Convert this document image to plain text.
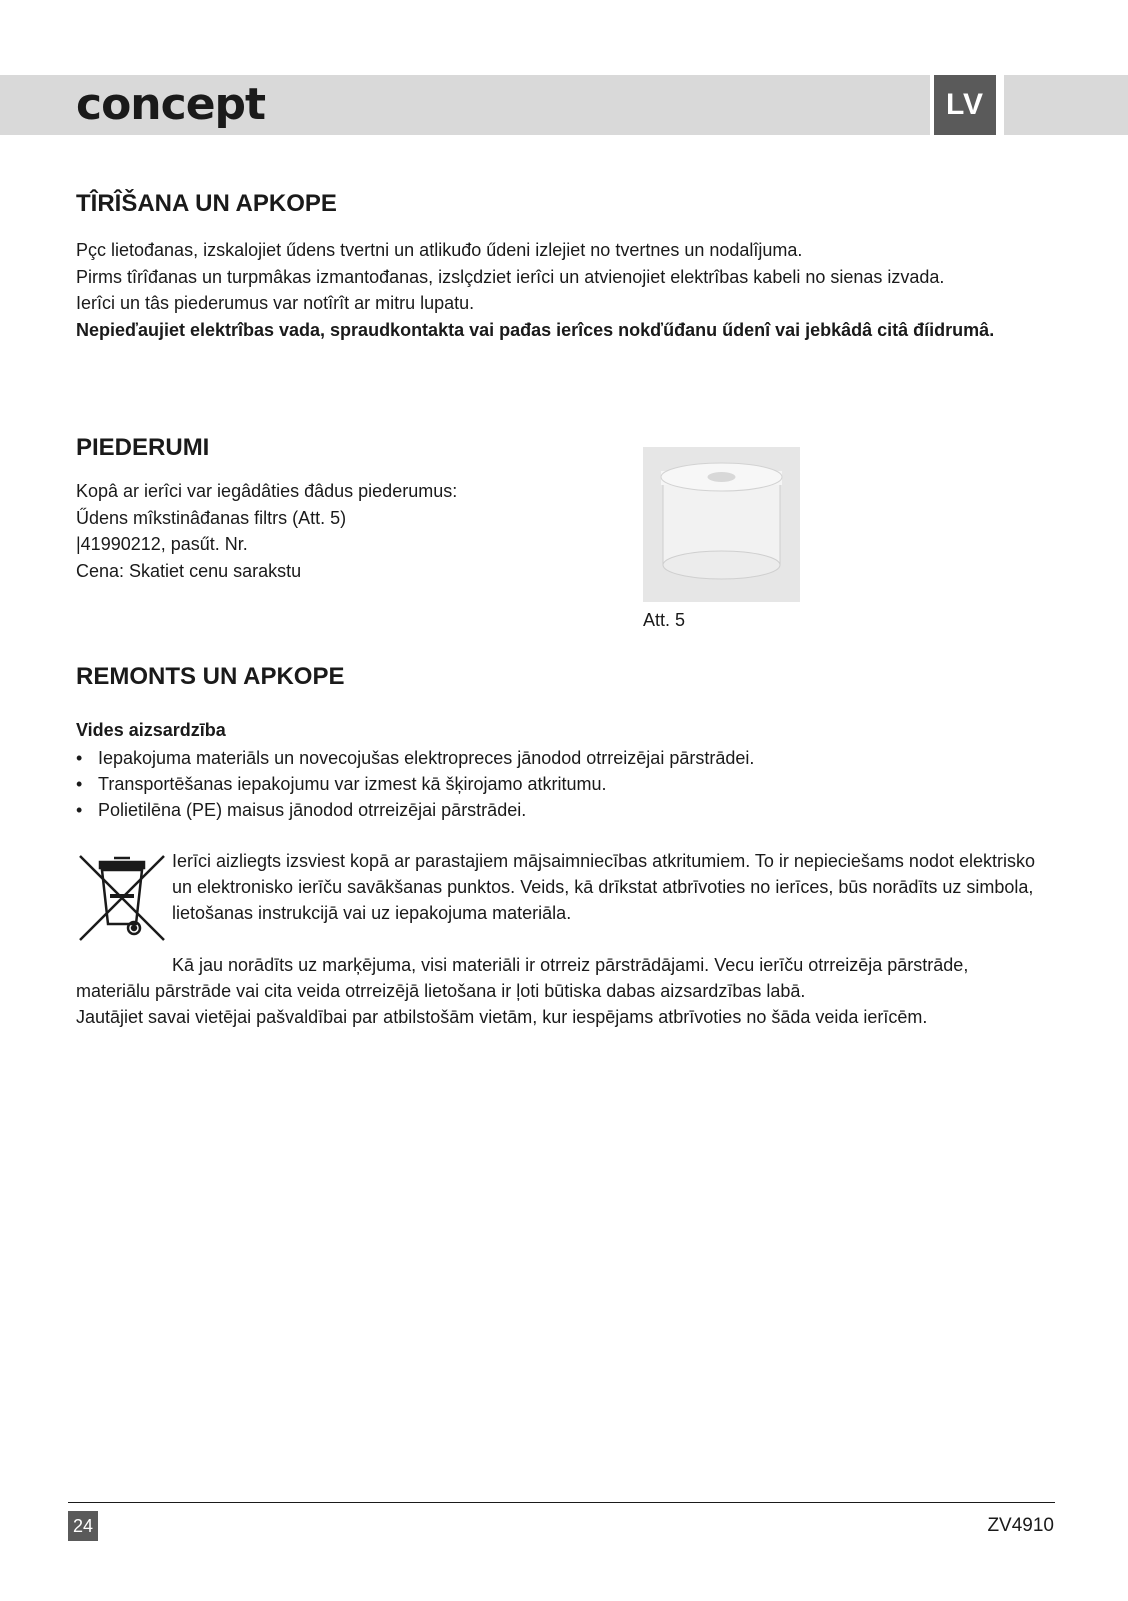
concept	LV
TÎRÎŠANA UN APKOPE

Pçc lietođanas, izskalojiet űdens tvertni un atlikuđo űdeni izlejiet no tvertnes un nodalîjuma.

Pirms tîrîđanas un turpmâkas izmantođanas, izslçdziet ierîci un atvienojiet elektrîbas kabeli no sienas izvada.

Ierîci un tâs piederumus var notîrît ar mitru lupatu.

Nepieďaujiet elektrîbas vada, spraudkontakta vai pađas ierîces nokďűđanu űdenî vai jebkâdâ citâ đíidrumâ.

PIEDERUMI
Kopâ ar ierîci var iegâdâties đâdus piederumus:
Űdens mîkstinâđanas filtrs (Att. 5)
|41990212, pasűt. Nr.
Cena: Skatiet cenu sarakstu
Att. 5
REMONTS UN APKOPE
Vides aizsardzība
• Iepakojuma materiāls un novecojušas elektropreces jānodod otrreizējai pārstrādei.
• Transportēšanas iepakojumu var izmest kā šķirojamo atkritumu.
• Polietilēna (PE) maisus jānodod otrreizējai pārstrādei.
Ierīci aizliegts izsviest kopā ar parastajiem mājsaimniecības atkritumiem. To ir nepieciešams nodot elektrisko un elektronisko ierīču savākšanas punktos. Veids, kā drīkstat atbrīvoties no ierīces, būs norādīts uz simbola, lietošanas instrukcijā vai uz iepakojuma materiāla.
Kā jau norādīts uz marķējuma, visi materiāli ir otrreiz pārstrādājami. Vecu ierīču otrreizēja pārstrāde, materiālu pārstrāde vai cita veida otrreizējā lietošana ir ļoti būtiska dabas aizsardzības labā.
Jautājiet savai vietējai pašvaldībai par atbilstošām vietām, kur iespējams atbrīvoties no šāda veida ierīcēm.
24	ZV4910
